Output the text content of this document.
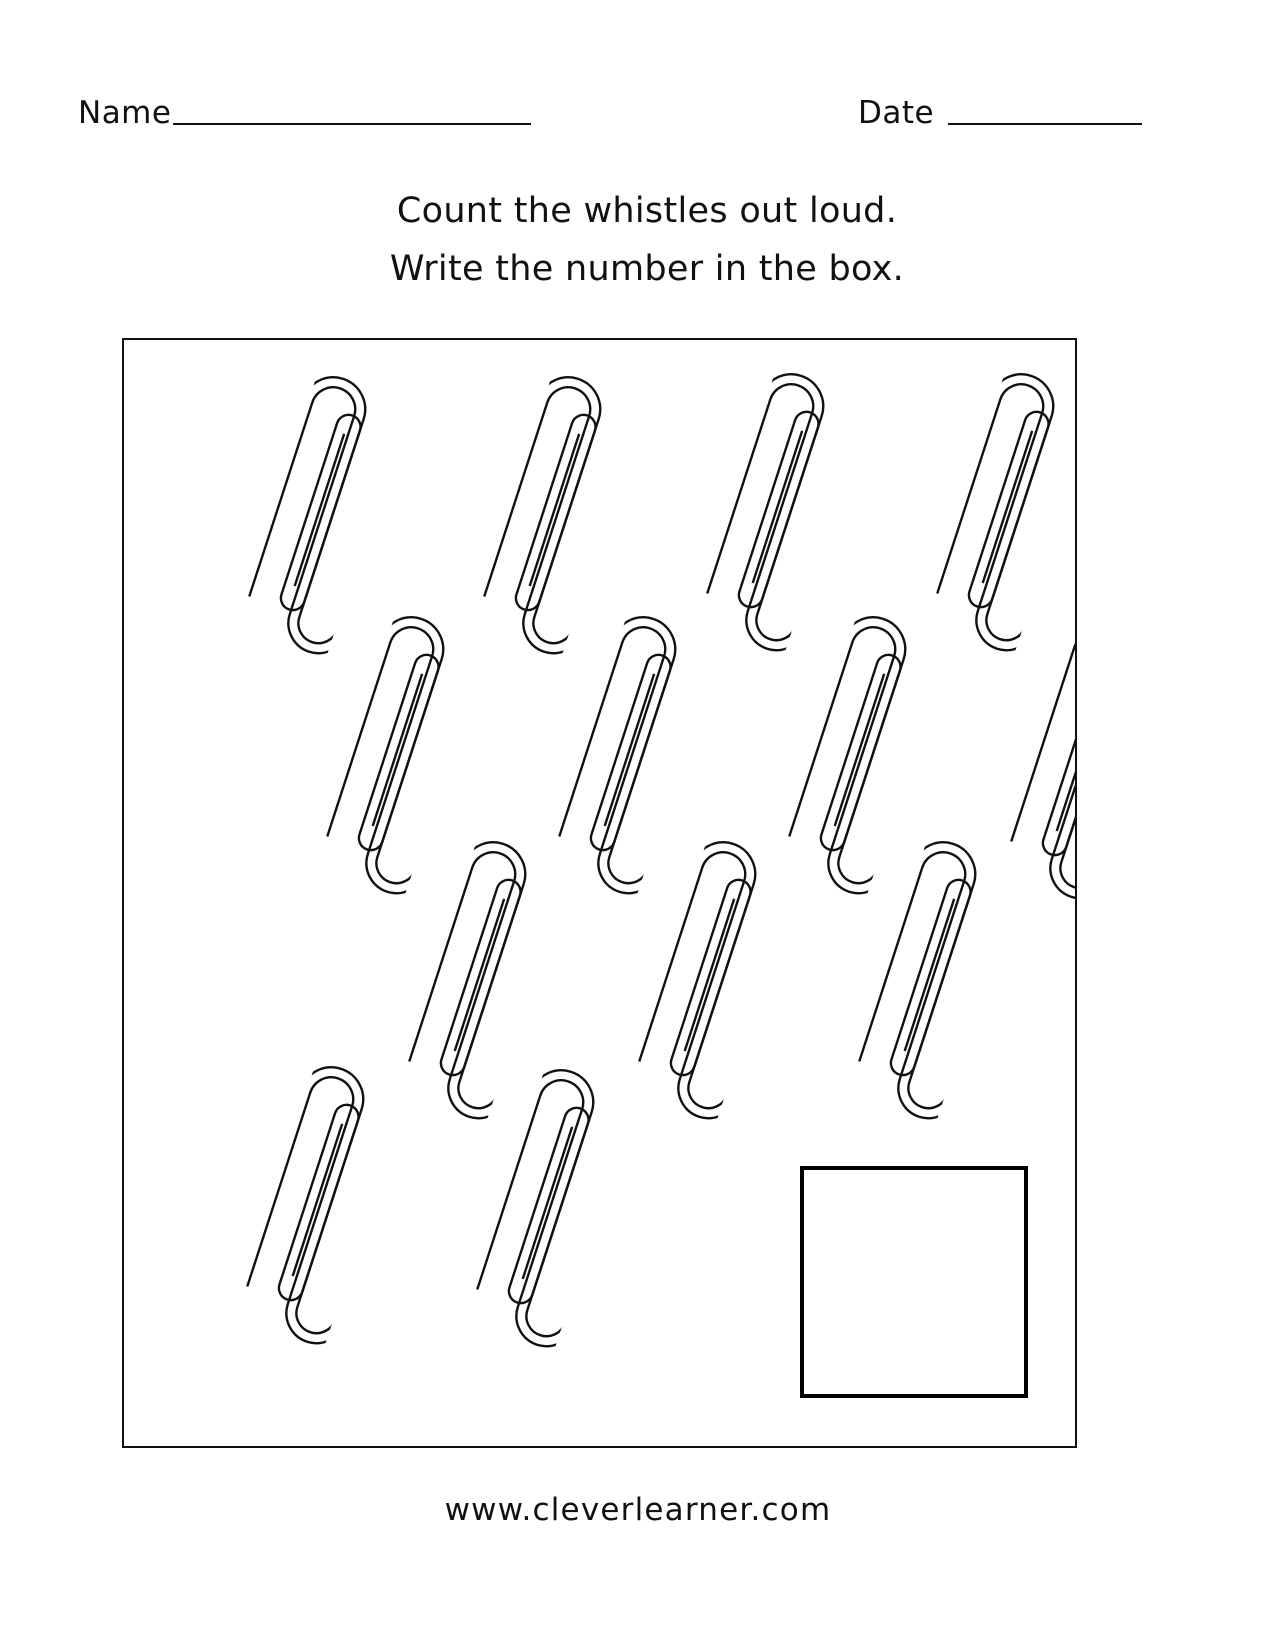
Name	Date
Count the whistles out loud.
Write the number in the box.
www.cleverlearner.com
